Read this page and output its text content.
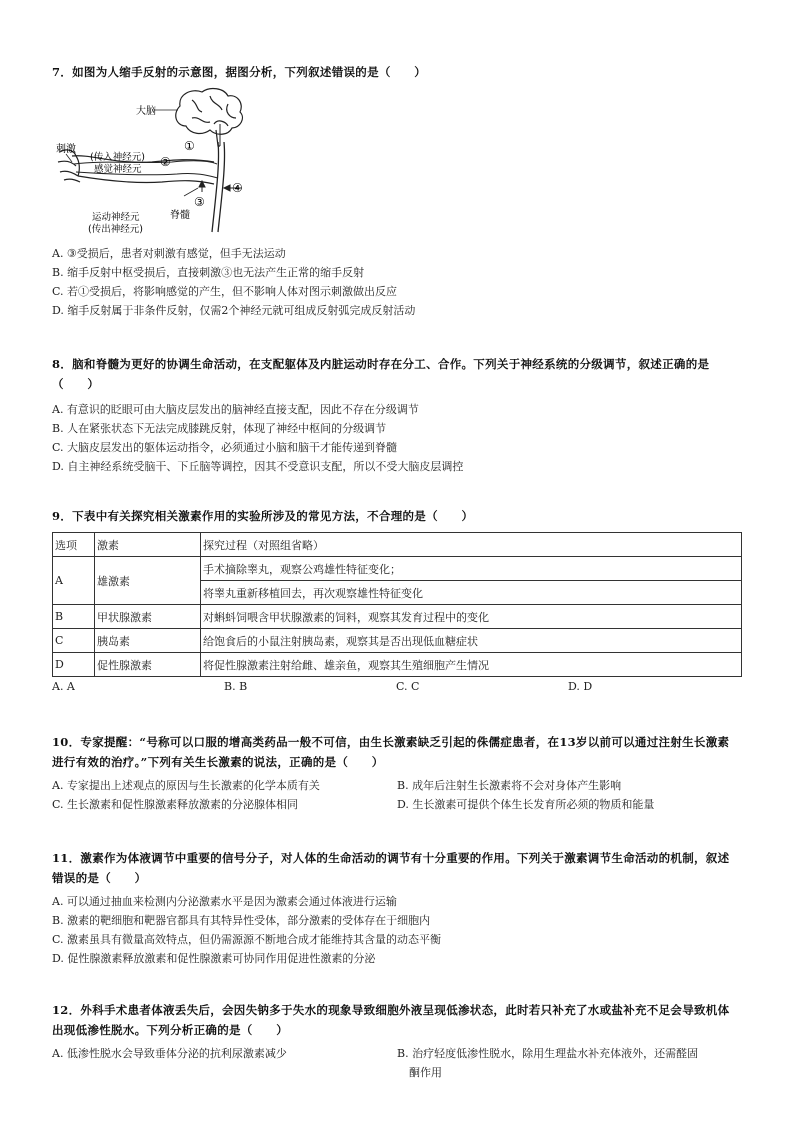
7．如图为人缩手反射的示意图，据图分析，下列叙述错误的是（　　）

大脑
刺激
(传入神经元)
感觉神经元
运动神经元
(传出神经元)
脊髓
①
②
③
④

A. ③受损后，患者对刺激有感觉，但手无法运动

B. 缩手反射中枢受损后，直接刺激③也无法产生正常的缩手反射

C. 若①受损后，将影响感觉的产生，但不影响人体对图示刺激做出反应

D. 缩手反射属于非条件反射，仅需2个神经元就可组成反射弧完成反射活动

8．脑和脊髓为更好的协调生命活动，在支配躯体及内脏运动时存在分工、合作。下列关于神经系统的分级调节，叙述正确的是

（　　）

A. 有意识的眨眼可由大脑皮层发出的脑神经直接支配，因此不存在分级调节

B. 人在紧张状态下无法完成膝跳反射，体现了神经中枢间的分级调节

C. 大脑皮层发出的躯体运动指令，必须通过小脑和脑干才能传递到脊髓

D. 自主神经系统受脑干、下丘脑等调控，因其不受意识支配，所以不受大脑皮层调控

9．下表中有关探究相关激素作用的实验所涉及的常见方法，不合理的是（　　）

选项	激素	探究过程（对照组省略）
A	雄激素	手术摘除睾丸，观察公鸡雄性特征变化；
		将睾丸重新移植回去，再次观察雄性特征变化
B	甲状腺激素	对蝌蚪饲喂含甲状腺激素的饲料，观察其发育过程中的变化
C	胰岛素	给饱食后的小鼠注射胰岛素，观察其是否出现低血糖症状
D	促性腺激素	将促性腺激素注射给雌、雄亲鱼，观察其生殖细胞产生情况

A. A	B. B	C. C	D. D

10．专家提醒：“号称可以口服的增高类药品一般不可信，由生长激素缺乏引起的侏儒症患者，在13岁以前可以通过注射生长激素

进行有效的治疗。”下列有关生长激素的说法，正确的是（　　）

A. 专家提出上述观点的原因与生长激素的化学本质有关	B. 成年后注射生长激素将不会对身体产生影响

C. 生长激素和促性腺激素释放激素的分泌腺体相同	D. 生长激素可提供个体生长发育所必须的物质和能量

11．激素作为体液调节中重要的信号分子，对人体的生命活动的调节有十分重要的作用。下列关于激素调节生命活动的机制，叙述

错误的是（　　）

A. 可以通过抽血来检测内分泌激素水平是因为激素会通过体液进行运输

B. 激素的靶细胞和靶器官都具有其特异性受体，部分激素的受体存在于细胞内

C. 激素虽具有微量高效特点，但仍需源源不断地合成才能维持其含量的动态平衡

D. 促性腺激素释放激素和促性腺激素可协同作用促进性激素的分泌

12．外科手术患者体液丢失后，会因失钠多于失水的现象导致细胞外液呈现低渗状态，此时若只补充了水或盐补充不足会导致机体

出现低渗性脱水。下列分析正确的是（　　）

A. 低渗性脱水会导致垂体分泌的抗利尿激素减少	B. 治疗轻度低渗性脱水，除用生理盐水补充体液外，还需醛固

酮作用
